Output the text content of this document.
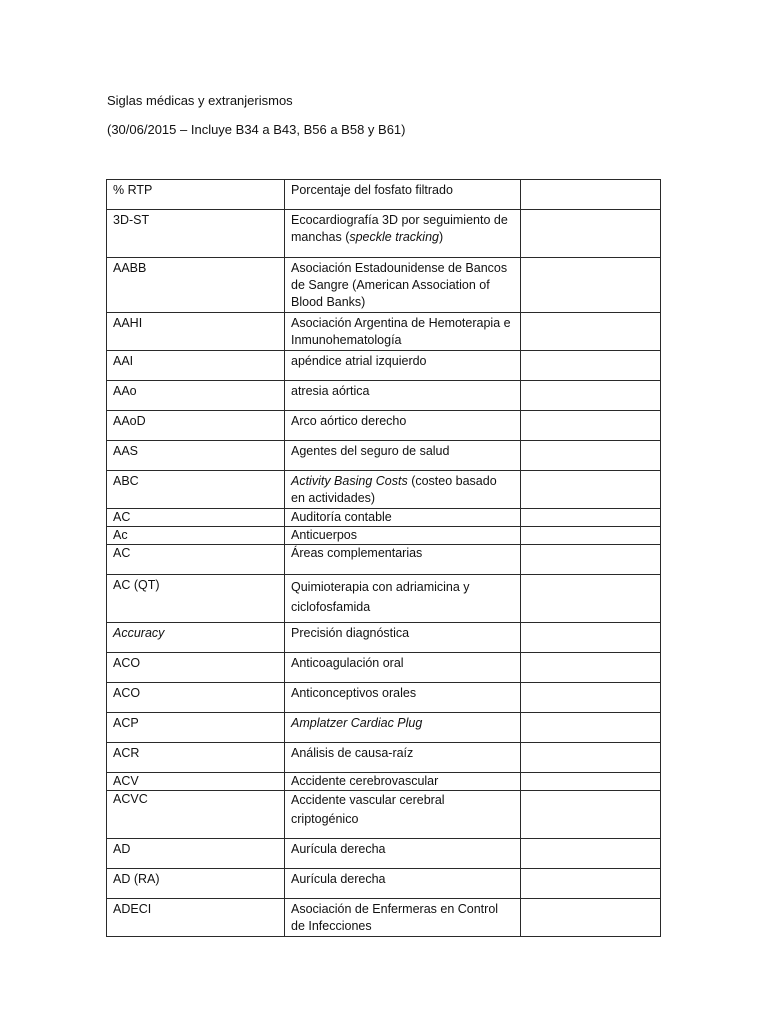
Siglas médicas y extranjerismos
(30/06/2015 – Incluye B34 a B43, B56 a B58 y B61)
% RTP	Porcentaje del fosfato filtrado	
3D-ST	Ecocardiografía 3D por seguimiento de manchas (speckle tracking)	
AABB	Asociación Estadounidense de Bancos de Sangre (American Association of Blood Banks)	
AAHI	Asociación Argentina de Hemoterapia e Inmunohematología	
AAI	apéndice atrial izquierdo	
AAo	atresia aórtica	
AAoD	Arco aórtico derecho	
AAS	Agentes del seguro de salud	
ABC	Activity Basing Costs (costeo basado en actividades)	
AC	Auditoría contable	
Ac	Anticuerpos	
AC	Áreas complementarias	
AC (QT)	Quimioterapia con adriamicina y ciclofosfamida	
Accuracy	Precisión diagnóstica	
ACO	Anticoagulación oral	
ACO	Anticonceptivos orales	
ACP	Amplatzer Cardiac Plug	
ACR	Análisis de causa-raíz	
ACV	Accidente cerebrovascular	
ACVC	Accidente vascular cerebral criptogénico	
AD	Aurícula derecha	
AD (RA)	Aurícula derecha	
ADECI	Asociación de Enfermeras en Control de Infecciones	
